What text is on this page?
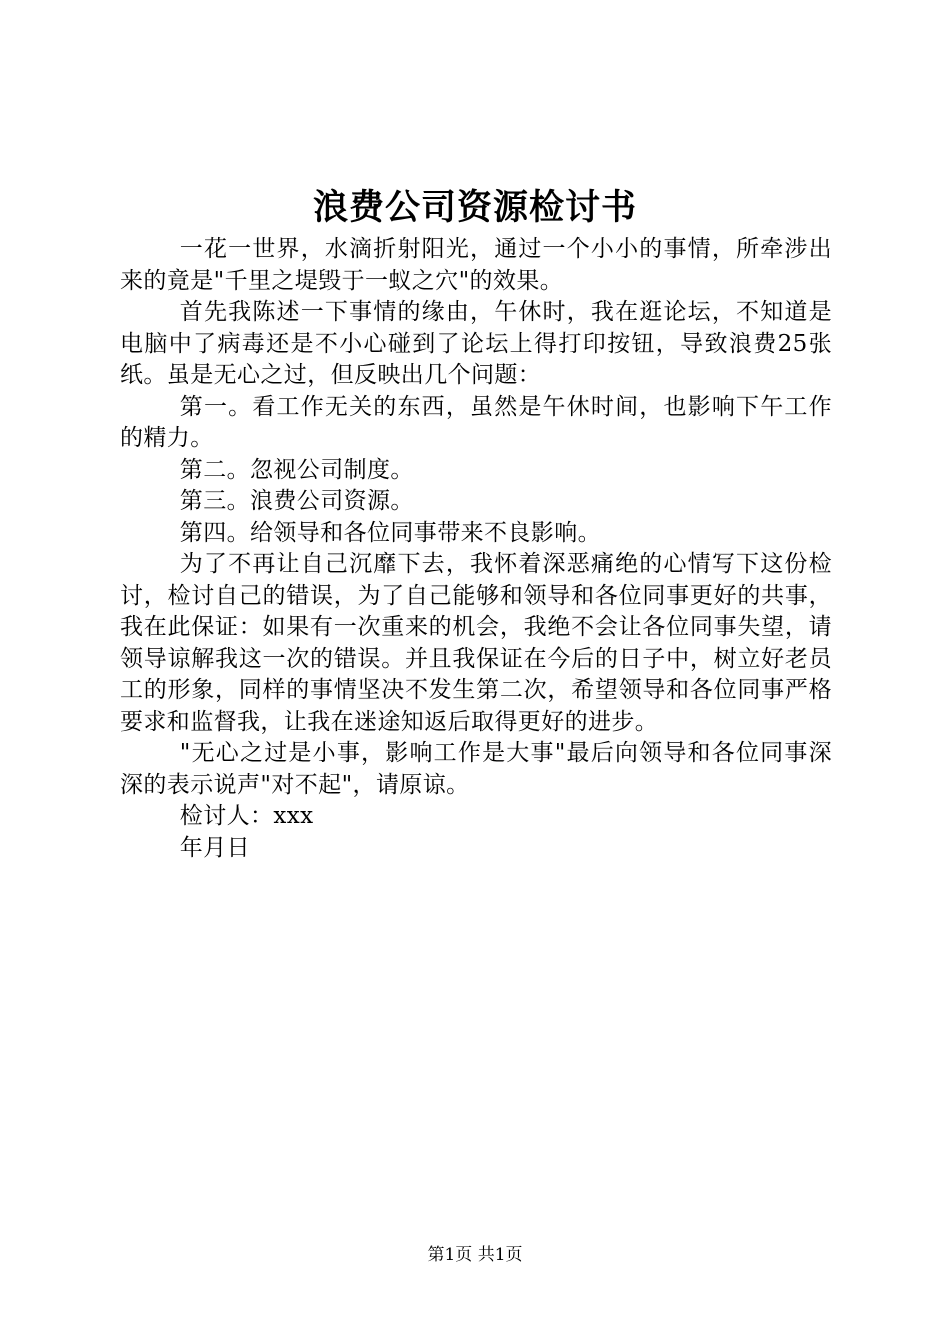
浪费公司资源检讨书

一花一世界，水滴折射阳光，通过一个小小的事情，所牵涉出来的竟是"千里之堤毁于一蚁之穴"的效果。

首先我陈述一下事情的缘由，午休时，我在逛论坛，不知道是电脑中了病毒还是不小心碰到了论坛上得打印按钮，导致浪费25张纸。虽是无心之过，但反映出几个问题：

第一。看工作无关的东西，虽然是午休时间，也影响下午工作的精力。

第二。忽视公司制度。

第三。浪费公司资源。

第四。给领导和各位同事带来不良影响。

为了不再让自己沉靡下去，我怀着深恶痛绝的心情写下这份检讨，检讨自己的错误，为了自己能够和领导和各位同事更好的共事，我在此保证：如果有一次重来的机会，我绝不会让各位同事失望，请领导谅解我这一次的错误。并且我保证在今后的日子中，树立好老员工的形象，同样的事情坚决不发生第二次，希望领导和各位同事严格要求和监督我，让我在迷途知返后取得更好的进步。

"无心之过是小事，影响工作是大事"最后向领导和各位同事深深的表示说声"对不起"，请原谅。

检讨人：xxx

年月日

第1页 共1页
